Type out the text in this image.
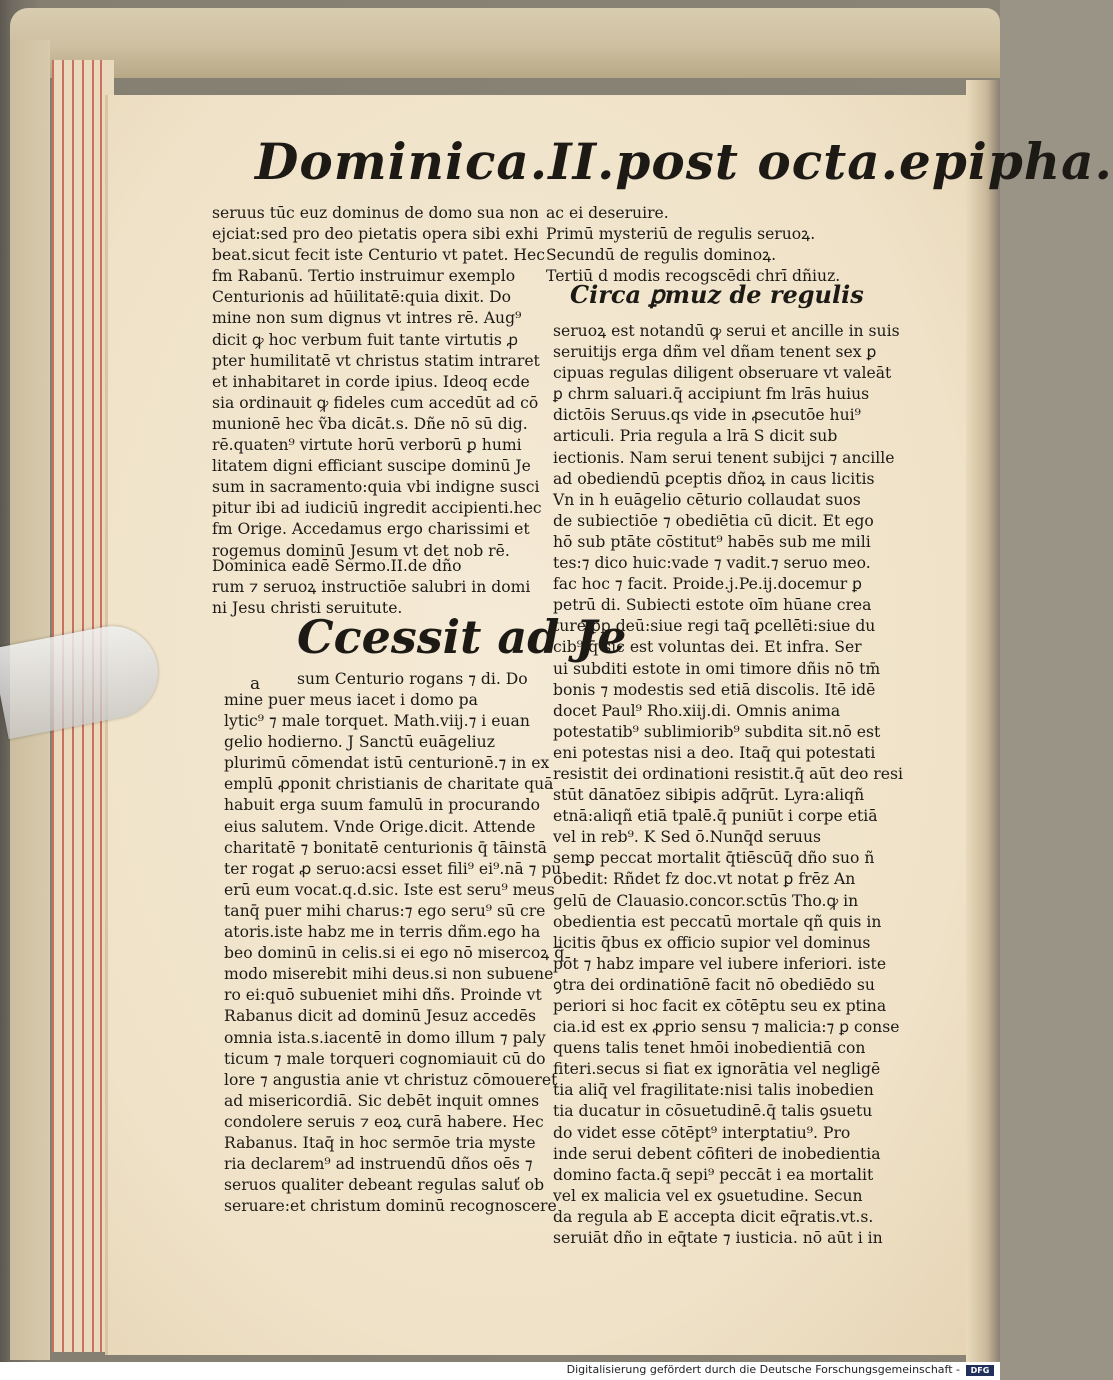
Dominica.II.post octa.epipha.
seruus tūc euz dominus de domo sua non
ejciat:sed pro deo pietatis opera sibi exhi
beat.sicut fecit iste Centurio vt patet. Hec
fm Rabanū. Tertio instruimur exemplo
Centurionis ad hūilitatē:quia dixit. Do
mine non sum dignus vt intres rē. Aug⁹
dicit ꝙ hoc verbum fuit tante virtutis ꝓ
pter humilitatē vt christus statim intraret
et inhabitaret in corde ipius. Ideoq ecde
sia ordinauit ꝙ fideles cum accedūt ad cō
munionē hec ṽba dicāt.s. Dñe nō sū dig.
rē.quaten⁹ virtute horū verborū ꝑ humi
litatem digni efficiant suscipe dominū Je
sum in sacramento:quia vbi indigne susci
pitur ibi ad iudiciū ingredit accipienti.hec
fm Orige. Accedamus ergo charissimi et
rogemus dominū Jesum vt det nob rē.
Dominica eadē Sermo.II.de dño
rum ⁊ seruoꝝ instructiōe salubri in domi
ni Jesu christi seruitute.
Ccessit ad Je
a sum Centurio rogans ⁊ di. Do
mine puer meus iacet i domo pa
lytic⁹ ⁊ male torquet. Math.viij.⁊ i euan
gelio hodierno. J Sanctū euāgeliuz
plurimū cōmendat istū centurionē.⁊ in ex
emplū ꝓponit christianis de charitate quā
habuit erga suum famulū in procurando
eius salutem. Vnde Orige.dicit. Attende
charitatē ⁊ bonitatē centurionis q̄ tāinstā
ter rogat ꝓ seruo:acsi esset fili⁹ ei⁹.nā ⁊ pu
erū eum vocat.q.d.sic. Iste est seru⁹ meus
tanq̄ puer mihi charus:⁊ ego seru⁹ sū cre
atoris.iste habz me in terris dñm.ego ha
beo dominū in celis.si ei ego nō misercoꝝ q̄
modo miserebit mihi deus.si non subuene
ro ei:quō subueniet mihi dñs. Proinde vt
Rabanus dicit ad dominū Jesuz accedēs
omnia ista.s.iacentē in domo illum ⁊ paly
ticum ⁊ male torqueri cognomiauit cū do
lore ⁊ angustia anie vt christuz cōmoueret
ad misericordiā. Sic debēt inquit omnes
condolere seruis ⁊ eoꝝ curā habere. Hec
Rabanus. Itaq̄ in hoc sermōe tria myste
ria declarem⁹ ad instruendū dños oēs ⁊
seruos qualiter debeant regulas saluť ob
seruare:et christum dominū recognoscere
ac ei deseruire.
Primū mysteriū de regulis seruoꝝ.
Secundū de regulis dominoꝝ.
Tertiū d modis recogscēdi chrī dñiuz.
Circa ꝑmuz de regulis
seruoꝝ est notandū ꝙ serui et ancille in suis
seruitijs erga dñm vel dñam tenent sex ꝑ
cipuas regulas diligent obseruare vt valeāt
ꝑ chrm saluari.q̄ accipiunt fm lrās huius
dictōis Seruus.qs vide in ꝓsecutōe hui⁹
articuli. Pria regula a lrā S dicit sub
iectionis. Nam serui tenent subijci ⁊ ancille
ad obediendū ꝑceptis dñoꝝ in caus licitis
Vn in h euāgelio cēturio collaudat suos
de subiectiōe ⁊ obediētia cū dicit. Et ego
hō sub ptāte cōstitut⁹ habēs sub me mili
tes:⁊ dico huic:vade ⁊ vadit.⁊ seruo meo.
fac hoc ⁊ facit. Proide.j.Pe.ij.docemur ꝑ
petrū di. Subiecti estote oīm hūane crea
ture ꝑꝑ deū:siue regi taq̄ ꝑcellēti:siue du
cib⁹:q̄ sic est voluntas dei. Et infra. Ser
ui subditi estote in omi timore dñis nō tm̄
bonis ⁊ modestis sed etiā discolis. Itē idē
docet Paul⁹ Rho.xiij.di. Omnis anima
potestatib⁹ sublimiorib⁹ subdita sit.nō est
eni potestas nisi a deo. Itaq̄ qui potestati
resistit dei ordinationi resistit.q̄ aūt deo resi
stūt dānatōez sibiꝑis adq̄rūt. Lyra:aliqñ
etnā:aliqñ etiā tpalē.q̄ puniūt i corpe etiā
vel in reb⁹. K Sed ō.Nunq̄d seruus
semꝑ peccat mortalit q̄tiēscūq̄ dño suo ñ
obedit: Rñdet fz doc.vt notat ꝑ frēz An
gelū de Clauasio.concor.sctūs Tho.ꝙ in
obedientia est peccatū mortale qñ quis in
licitis q̄bus ex officio supior vel dominus
pōt ⁊ habz impare vel iubere inferiori. iste
ꝯtra dei ordinatiōnē facit nō obediēdo su
periori si hoc facit ex cōtēptu seu ex ptina
cia.id est ex ꝓprio sensu ⁊ malicia:⁊ ꝑ conse
quens talis tenet hmōi inobedientiā con
fiteri.secus si fiat ex ignorātia vel negligē
tia aliq̄ vel fragilitate:nisi talis inobedien
tia ducatur in cōsuetudinē.q̄ talis ꝯsuetu
do videt esse cōtēpt⁹ interꝑtatiu⁹. Pro
inde serui debent cōfiteri de inobedientia
domino facta.q̄ sepi⁹ peccāt i ea mortalit
vel ex malicia vel ex ꝯsuetudine. Secun
da regula ab E accepta dicit eq̄ratis.vt.s.
seruiāt dño in eq̄tate ⁊ iusticia. nō aūt i in
Digitalisierung gefördert durch die Deutsche Forschungsgemeinschaft -	DFG
